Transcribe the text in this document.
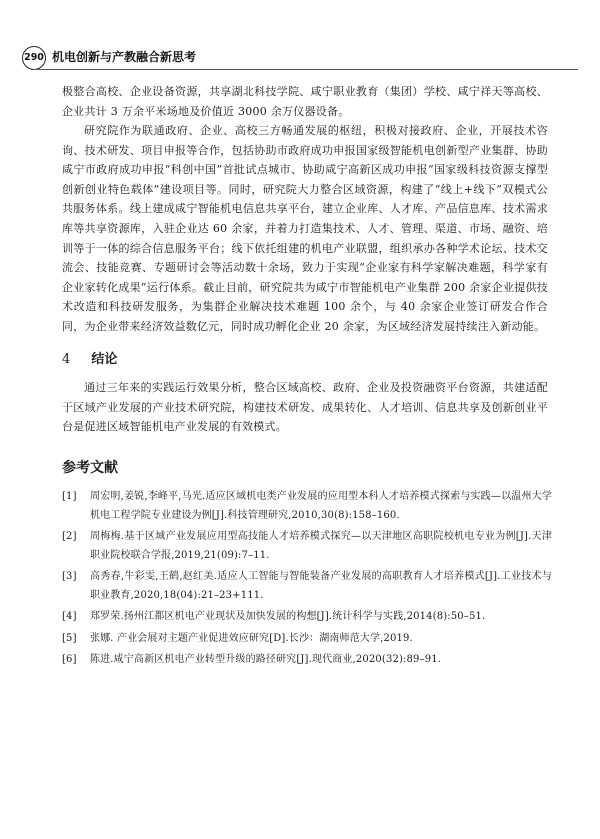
290 机电创新与产教融合新思考

极整合高校、企业设备资源，共享湖北科技学院、咸宁职业教育（集团）学校、咸宁祥天等高校、企业共计 3 万余平米场地及价值近 3000 余万仪器设备。

研究院作为联通政府、企业、高校三方畅通发展的枢纽，积极对接政府、企业，开展技术咨询、技术研发、项目申报等合作，包括协助市政府成功申报国家级智能机电创新型产业集群、协助咸宁市政府成功申报“科创中国”首批试点城市、协助咸宁高新区成功申报“国家级科技资源支撑型创新创业特色载体”建设项目等。同时，研究院大力整合区域资源，构建了“线上+线下”双模式公共服务体系。线上建成咸宁智能机电信息共享平台，建立企业库、人才库、产品信息库、技术需求库等共享资源库，入驻企业达 60 余家，并着力打造集技术、人才、管理、渠道、市场、融资、培训等于一体的综合信息服务平台；线下依托组建的机电产业联盟，组织承办各种学术论坛、技术交流会、技能竞赛、专题研讨会等活动数十余场，致力于实现“企业家有科学家解决难题，科学家有企业家转化成果”运行体系。截止目前，研究院共为咸宁市智能机电产业集群 200 余家企业提供技术改造和科技研发服务，为集群企业解决技术难题 100 余个，与 40 余家企业签订研发合作合同，为企业带来经济效益数亿元，同时成功孵化企业 20 余家，为区域经济发展持续注入新动能。

4 结论

通过三年来的实践运行效果分析，整合区域高校、政府、企业及投资融资平台资源，共建适配于区域产业发展的产业技术研究院，构建技术研发、成果转化、人才培训、信息共享及创新创业平台是促进区域智能机电产业发展的有效模式。

参考文献
[1] 周宏明,姜锐,李峰平,马光.适应区域机电类产业发展的应用型本科人才培养模式探索与实践—以温州大学机电工程学院专业建设为例[J].科技管理研究,2010,30(8):158–160.
[2] 周梅梅.基于区域产业发展应用型高技能人才培养模式探究—以天津地区高职院校机电专业为例[J].天津职业院校联合学报,2019,21(09):7–11.
[3] 高秀春,牛彩雯,王鹤,赵红美.适应人工智能与智能装备产业发展的高职教育人才培养模式[J].工业技术与职业教育,2020,18(04):21–23+111.
[4] 郑罗荣.扬州江都区机电产业现状及加快发展的构想[J].统计科学与实践,2014(8):50–51.
[5] 张娜. 产业会展对主题产业促进效应研究[D].长沙：湖南师范大学,2019.
[6] 陈进.咸宁高新区机电产业转型升级的路径研究[J].现代商业,2020(32):89–91.
